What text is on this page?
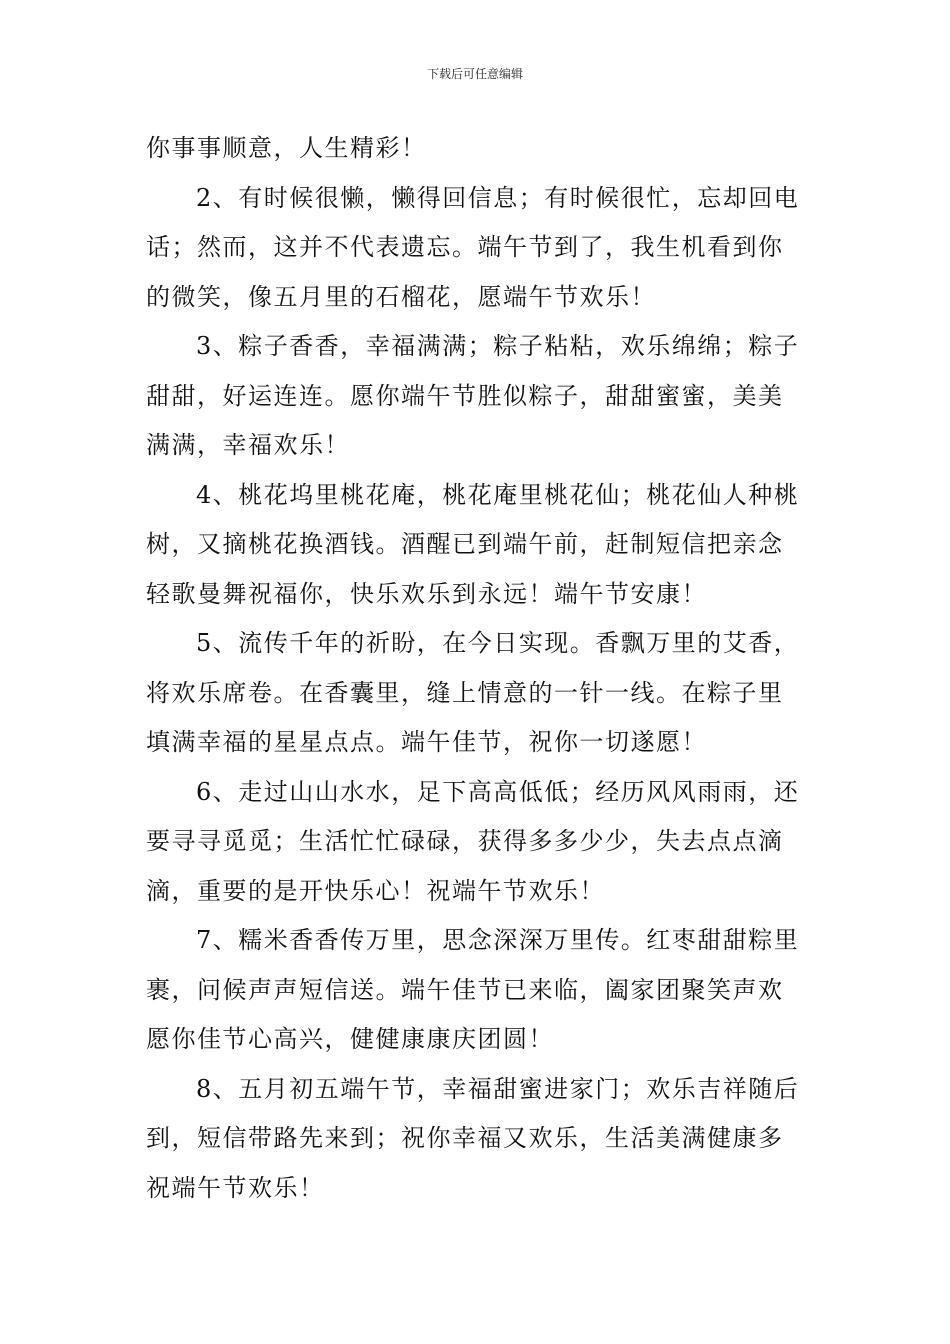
下载后可任意编辑

你事事顺意，人生精彩！

2、有时候很懒，懒得回信息；有时候很忙，忘却回电
话；然而，这并不代表遗忘。端午节到了，我生机看到你
的微笑，像五月里的石榴花，愿端午节欢乐！

3、粽子香香，幸福满满；粽子粘粘，欢乐绵绵；粽子
甜甜，好运连连。愿你端午节胜似粽子，甜甜蜜蜜，美美
满满，幸福欢乐！

4、桃花坞里桃花庵，桃花庵里桃花仙；桃花仙人种桃
树，又摘桃花换酒钱。酒醒已到端午前，赶制短信把亲念
轻歌曼舞祝福你，快乐欢乐到永远！端午节安康！

5、流传千年的祈盼，在今日实现。香飘万里的艾香，
将欢乐席卷。在香囊里，缝上情意的一针一线。在粽子里
填满幸福的星星点点。端午佳节，祝你一切遂愿！

6、走过山山水水，足下高高低低；经历风风雨雨，还
要寻寻觅觅；生活忙忙碌碌，获得多多少少，失去点点滴
滴，重要的是开快乐心！祝端午节欢乐！

7、糯米香香传万里，思念深深万里传。红枣甜甜粽里
裹，问候声声短信送。端午佳节已来临，阖家团聚笑声欢
愿你佳节心高兴，健健康康庆团圆！

8、五月初五端午节，幸福甜蜜进家门；欢乐吉祥随后
到，短信带路先来到；祝你幸福又欢乐，生活美满健康多
祝端午节欢乐！
